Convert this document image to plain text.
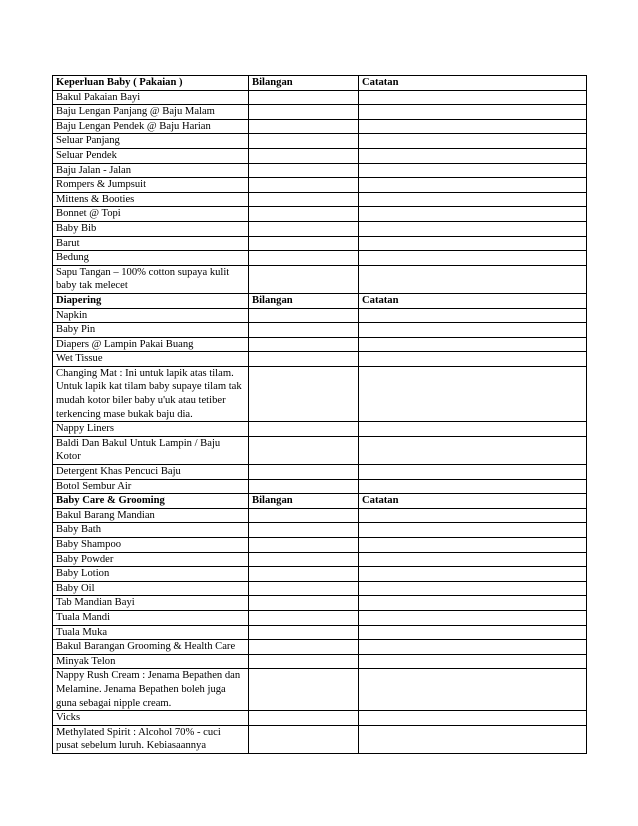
Keperluan Baby ( Pakaian )	Bilangan	Catatan
Bakul Pakaian Bayi		
Baju Lengan Panjang @ Baju Malam		
Baju Lengan Pendek @ Baju Harian		
Seluar Panjang		
Seluar Pendek		
Baju Jalan - Jalan		
Rompers & Jumpsuit		
Mittens & Booties		
Bonnet @ Topi		
Baby Bib		
Barut		
Bedung		
Sapu Tangan – 100% cotton supaya kulit baby tak melecet		
Diapering	Bilangan	Catatan
Napkin		
Baby Pin		
Diapers @ Lampin Pakai Buang		
Wet Tissue		
Changing Mat : Ini untuk lapik atas tilam. Untuk lapik kat tilam baby supaye tilam tak mudah kotor biler baby u'uk atau tetiber terkencing mase bukak baju dia.		
Nappy Liners		
Baldi Dan Bakul Untuk Lampin / Baju Kotor		
Detergent Khas Pencuci Baju		
Botol Sembur Air		
Baby Care & Grooming	Bilangan	Catatan
Bakul Barang Mandian		
Baby Bath		
Baby Shampoo		
Baby Powder		
Baby Lotion		
Baby Oil		
Tab Mandian Bayi		
Tuala Mandi		
Tuala Muka		
Bakul Barangan Grooming & Health Care		
Minyak Telon		
Nappy Rush Cream : Jenama Bepathen dan Melamine. Jenama Bepathen boleh juga guna sebagai nipple cream.		
Vicks		
Methylated Spirit : Alcohol 70% - cuci pusat sebelum luruh. Kebiasaannya		
